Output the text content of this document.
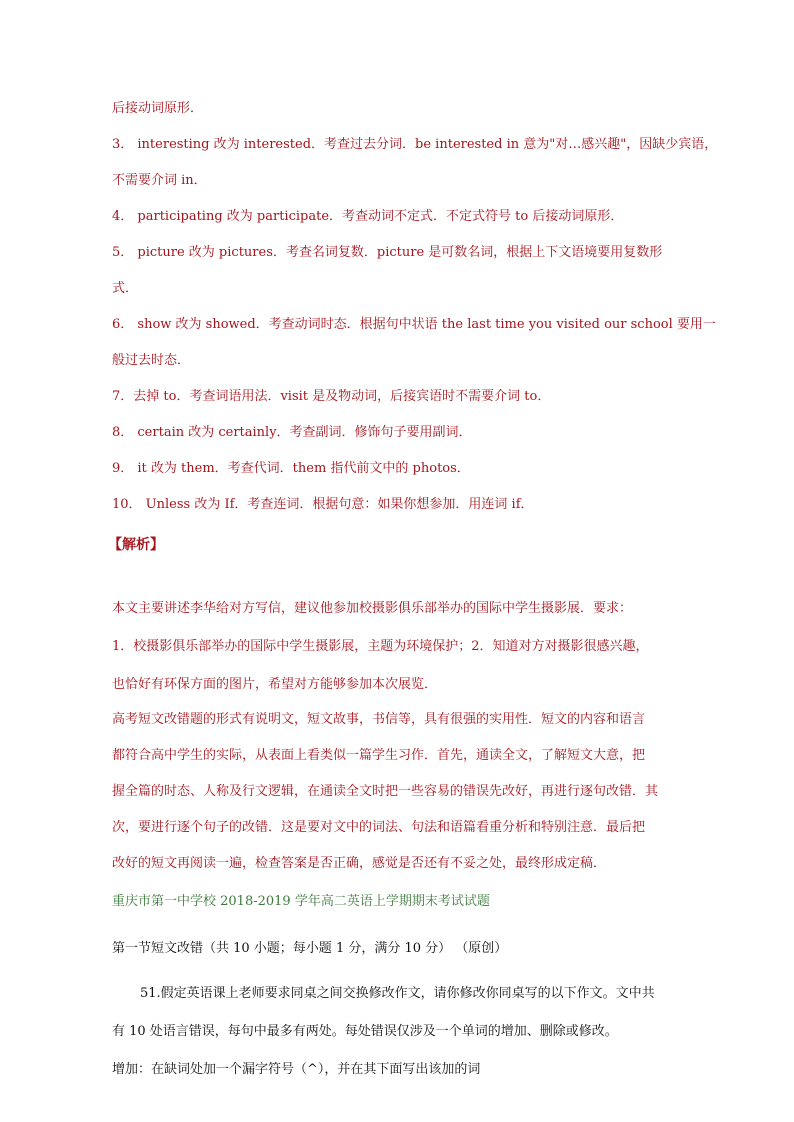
后接动词原形．

3． interesting 改为 interested．考查过去分词．be interested in 意为"对…感兴趣"，因缺少宾语，

不需要介词 in．

4． participating 改为 participate．考查动词不定式．不定式符号 to 后接动词原形．

5． picture 改为 pictures．考查名词复数．picture 是可数名词，根据上下文语境要用复数形

式．

6． show 改为 showed．考查动词时态．根据句中状语 the last time you visited our school 要用一

般过去时态．

7．去掉 to．考查词语用法．visit 是及物动词，后接宾语时不需要介词 to．

8． certain 改为 certainly．考查副词．修饰句子要用副词．

9． it 改为 them．考查代词．them 指代前文中的 photos．

10． Unless 改为 If．考查连词．根据句意：如果你想参加．用连词 if．

【解析】

本文主要讲述李华给对方写信，建议他参加校摄影俱乐部举办的国际中学生摄影展．要求：

1．校摄影俱乐部举办的国际中学生摄影展，主题为环境保护；2．知道对方对摄影很感兴趣，

也恰好有环保方面的图片，希望对方能够参加本次展览．

高考短文改错题的形式有说明文，短文故事，书信等，具有很强的实用性．短文的内容和语言

都符合高中学生的实际，从表面上看类似一篇学生习作．首先，通读全文，了解短文大意，把

握全篇的时态、人称及行文逻辑，在通读全文时把一些容易的错误先改好，再进行逐句改错．其

次，要进行逐个句子的改错．这是要对文中的词法、句法和语篇看重分析和特别注意．最后把

改好的短文再阅读一遍，检查答案是否正确，感觉是否还有不妥之处，最终形成定稿．

重庆市第一中学校 2018-2019 学年高二英语上学期期末考试试题

第一节短文改错（共 10 小题；每小题 1 分，满分 10 分） （原创）

51.假定英语课上老师要求同桌之间交换修改作文，请你修改你同桌写的以下作文。文中共

有 10 处语言错误，每句中最多有两处。每处错误仅涉及一个单词的增加、删除或修改。

增加：在缺词处加一个漏字符号（^），并在其下面写出该加的词
